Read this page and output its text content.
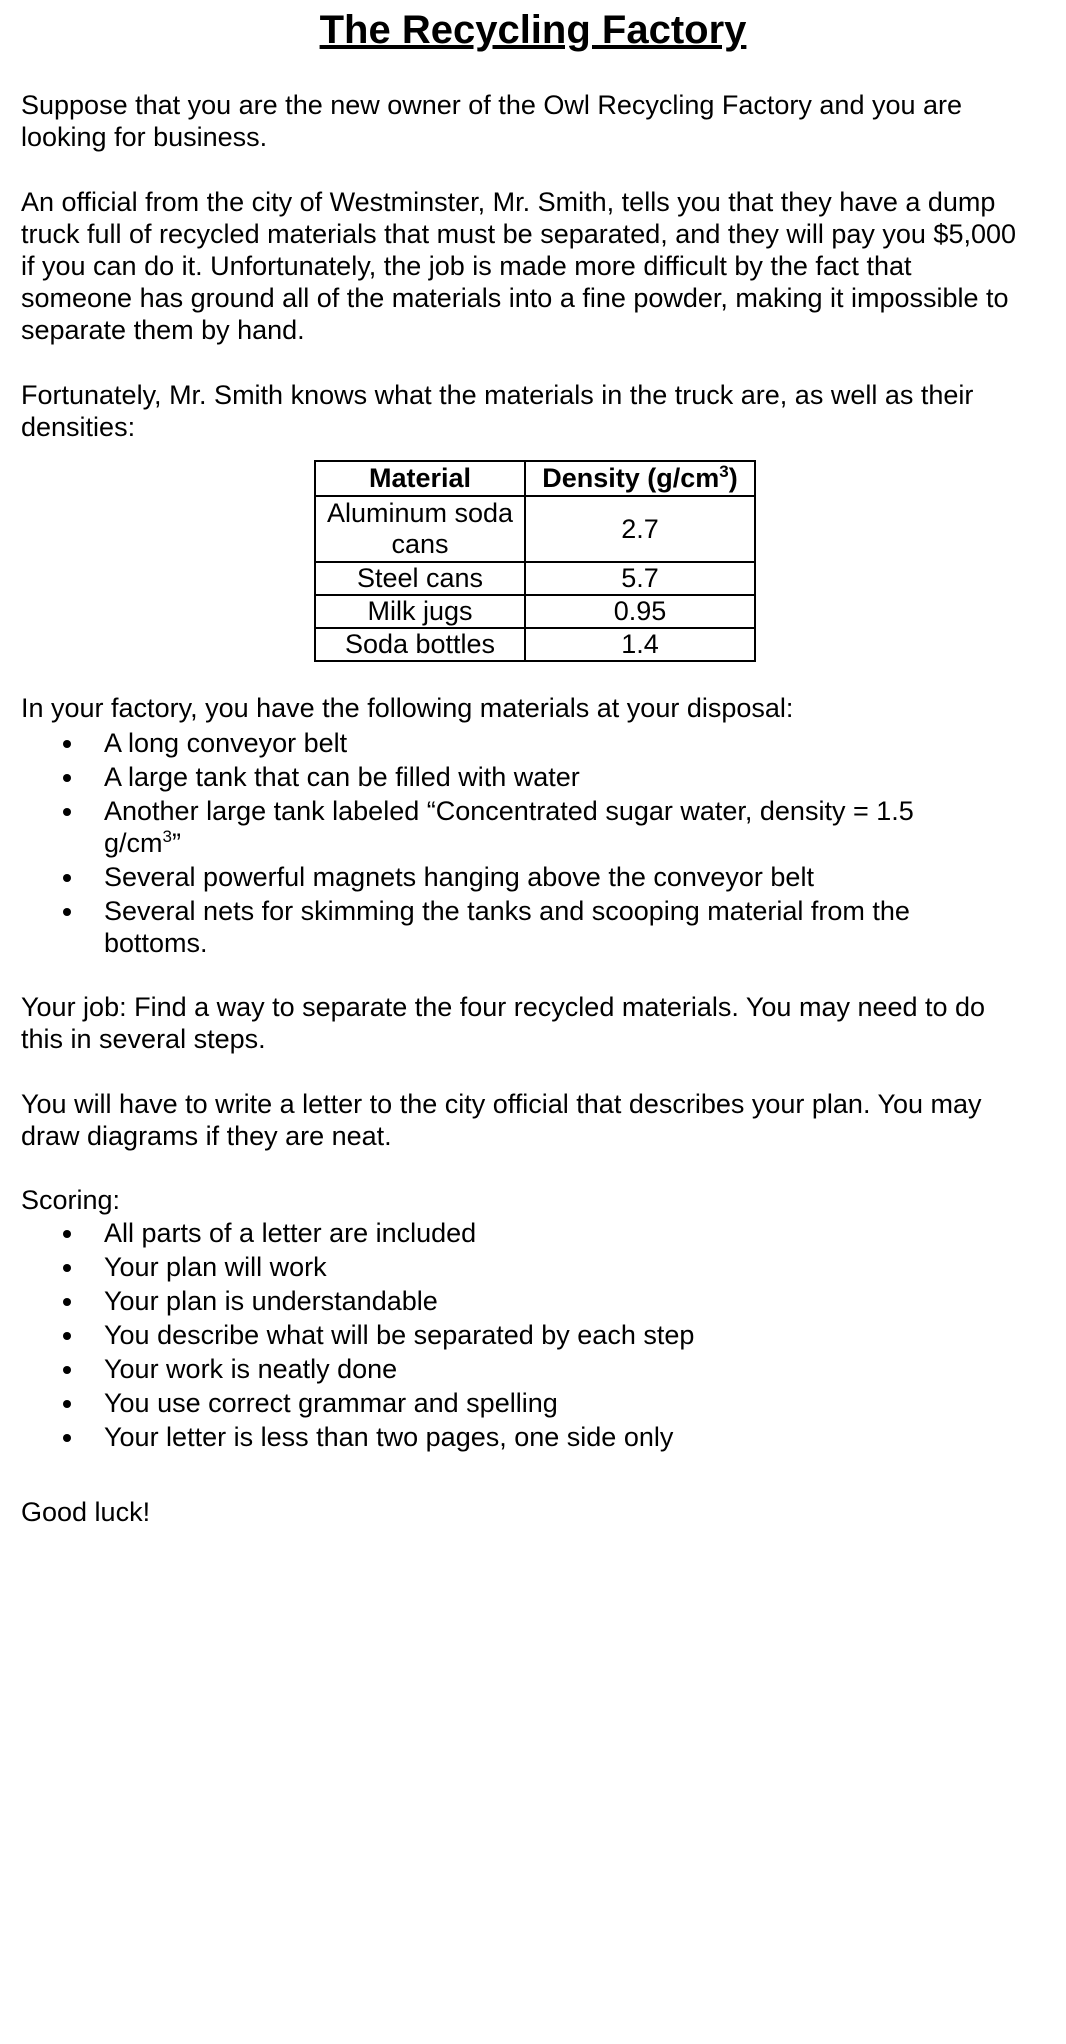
The Recycling Factory

Suppose that you are the new owner of the Owl Recycling Factory and you are looking for business.

An official from the city of Westminster, Mr. Smith, tells you that they have a dump truck full of recycled materials that must be separated, and they will pay you $5,000 if you can do it. Unfortunately, the job is made more difficult by the fact that someone has ground all of the materials into a fine powder, making it impossible to separate them by hand.

Fortunately, Mr. Smith knows what the materials in the truck are, as well as their densities:

Material	Density $(g/cm^3)$
Aluminum soda cans	2.7
Steel cans	5.7
Milk jugs	0.95
Soda bottles	1.4

In your factory, you have the following materials at your disposal:

A long conveyor belt
A large tank that can be filled with water
Another large tank labeled “Concentrated sugar water, density = 1.5 $g/cm^3$”
Several powerful magnets hanging above the conveyor belt
Several nets for skimming the tanks and scooping material from the bottoms.

Your job: Find a way to separate the four recycled materials. You may need to do this in several steps.

You will have to write a letter to the city official that describes your plan. You may draw diagrams if they are neat.

Scoring:

All parts of a letter are included
Your plan will work
Your plan is understandable
You describe what will be separated by each step
Your work is neatly done
You use correct grammar and spelling
Your letter is less than two pages, one side only

Good luck!
